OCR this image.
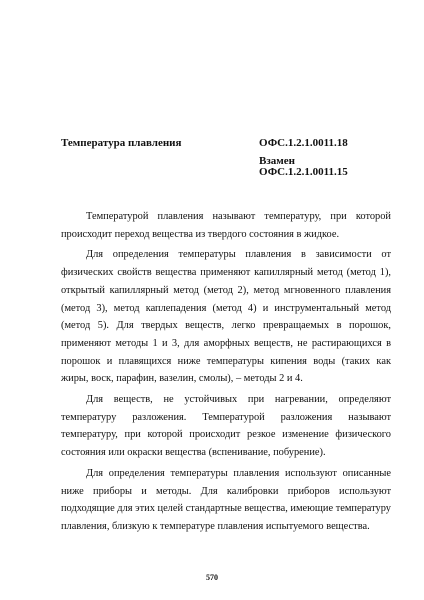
Температура плавления	ОФС.1.2.1.0011.18
Взамен
ОФС.1.2.1.0011.15

Температурой плавления называют температуру, при которой происходит переход вещества из твердого состояния в жидкое.

Для определения температуры плавления в зависимости от физических свойств вещества применяют капиллярный метод (метод 1), открытый капиллярный метод (метод 2), метод мгновенного плавления (метод 3), метод каплепадения (метод 4) и инструментальный метод (метод 5). Для твердых веществ, легко превращаемых в порошок, применяют методы 1 и 3, для аморфных веществ, не растирающихся в порошок и плавящихся ниже температуры кипения воды (таких как жиры, воск, парафин, вазелин, смолы), – методы 2 и 4.

Для веществ, не устойчивых при нагревании, определяют температуру разложения. Температурой разложения называют температуру, при которой происходит резкое изменение физического состояния или окраски вещества (вспенивание, побурение).

Для определения температуры плавления используют описанные ниже приборы и методы. Для калибровки приборов используют подходящие для этих целей стандартные вещества, имеющие температуру плавления, близкую к температуре плавления испытуемого вещества.

570
